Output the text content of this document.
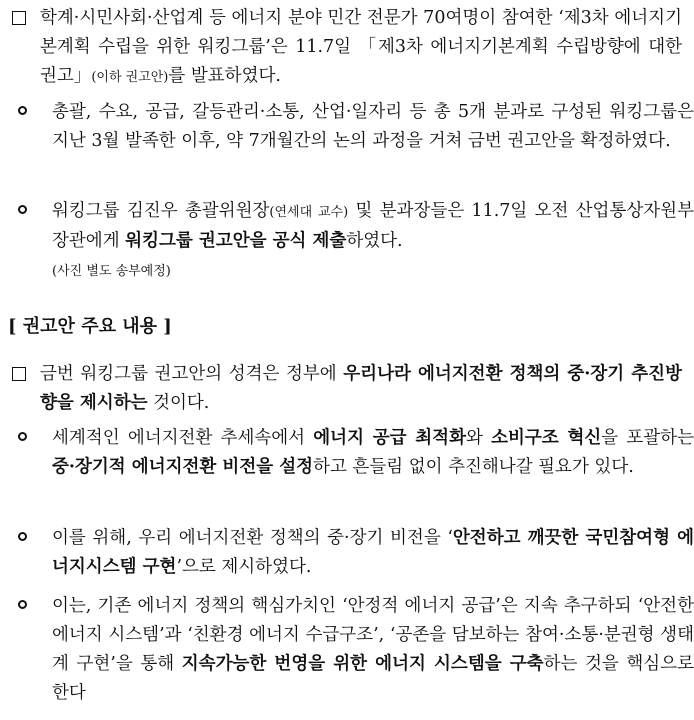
학계·시민사회·산업계 등 에너지 분야 민간 전문가 70여명이 참여한 ‘제3차 에너지기본계획 수립을 위한 워킹그룹’은 11.7일 「제3차 에너지기본계획 수립방향에 대한 권고」(이하 권고안)를 발표하였다.
총괄, 수요, 공급, 갈등관리·소통, 산업·일자리 등 총 5개 분과로 구성된 워킹그룹은 지난 3월 발족한 이후, 약 7개월간의 논의 과정을 거쳐 금번 권고안을 확정하였다.
워킹그룹 김진우 총괄위원장(연세대 교수) 및 분과장들은 11.7일 오전 산업통상자원부 장관에게 워킹그룹 권고안을 공식 제출하였다.
(사진 별도 송부예정)
[ 권고안 주요 내용 ]
금번 워킹그룹 권고안의 성격은 정부에 우리나라 에너지전환 정책의 중·장기 추진방향을 제시하는 것이다.
세계적인 에너지전환 추세속에서 에너지 공급 최적화와 소비구조 혁신을 포괄하는 중·장기적 에너지전환 비전을 설정하고 흔들림 없이 추진해나갈 필요가 있다.
이를 위해, 우리 에너지전환 정책의 중·장기 비전을 ‘안전하고 깨끗한 국민참여형 에너지시스템 구현’으로 제시하였다.
이는, 기존 에너지 정책의 핵심가치인 ‘안정적 에너지 공급’은 지속 추구하되 ‘안전한 에너지 시스템’과 ‘친환경 에너지 수급구조’, ‘공존을 담보하는 참여·소통·분권형 생태계 구현’을 통해 지속가능한 번영을 위한 에너지 시스템을 구축하는 것을 핵심으로 한다
